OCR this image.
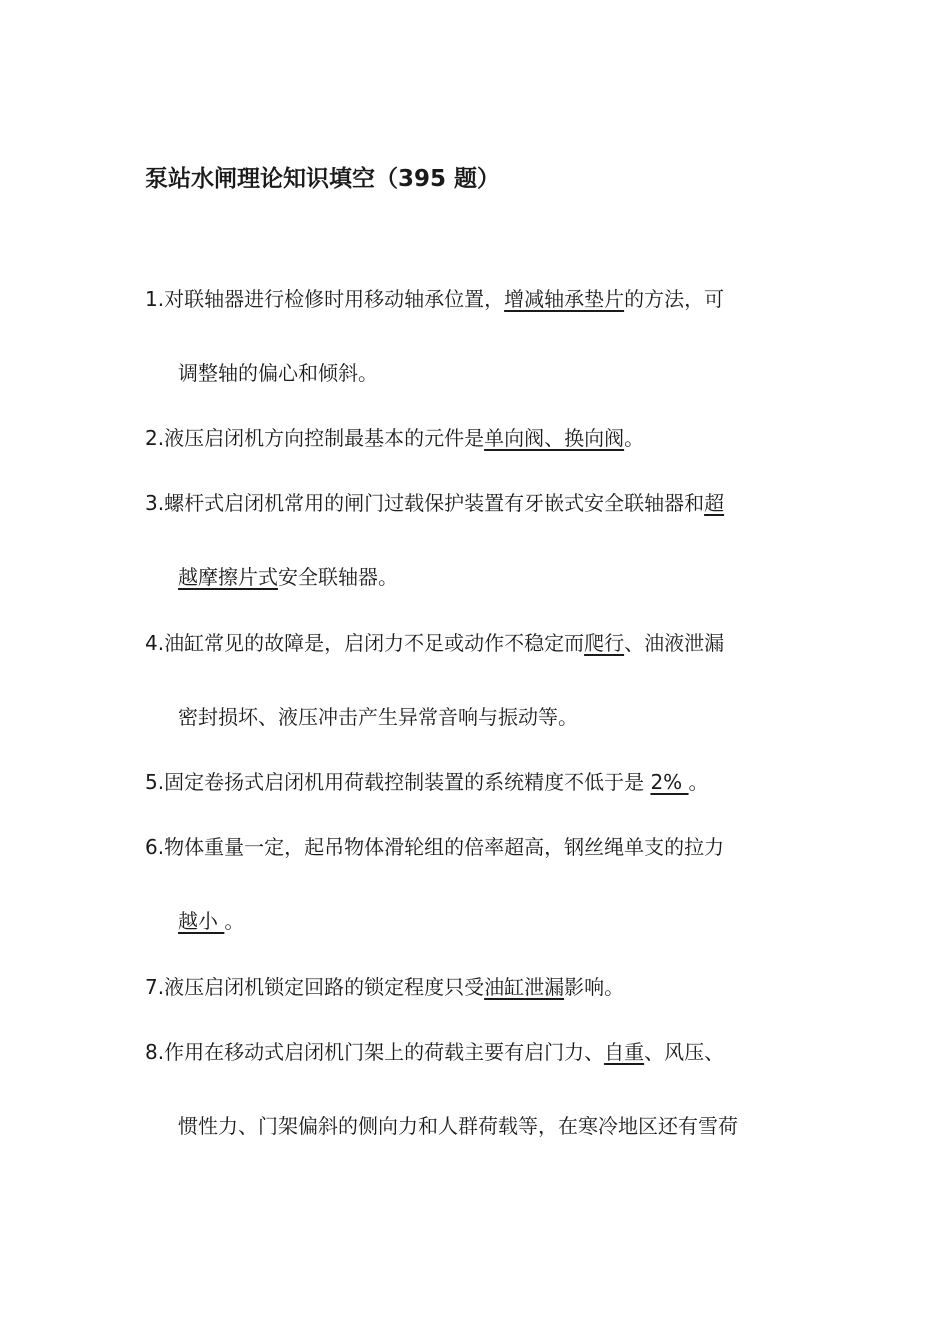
泵站水闸理论知识填空（395 题）
1.对联轴器进行检修时用移动轴承位置，增减轴承垫片的方法，可
调整轴的偏心和倾斜。
2.液压启闭机方向控制最基本的元件是单向阀、换向阀。
3.螺杆式启闭机常用的闸门过载保护装置有牙嵌式安全联轴器和超
越摩擦片式安全联轴器。
4.油缸常见的故障是，启闭力不足或动作不稳定而爬行、油液泄漏
密封损坏、液压冲击产生异常音响与振动等。
5.固定卷扬式启闭机用荷载控制装置的系统精度不低于是 2% 。
6.物体重量一定，起吊物体滑轮组的倍率超高，钢丝绳单支的拉力
越小 。
7.液压启闭机锁定回路的锁定程度只受油缸泄漏影响。
8.作用在移动式启闭机门架上的荷载主要有启门力、自重、风压、
惯性力、门架偏斜的侧向力和人群荷载等，在寒冷地区还有雪荷
